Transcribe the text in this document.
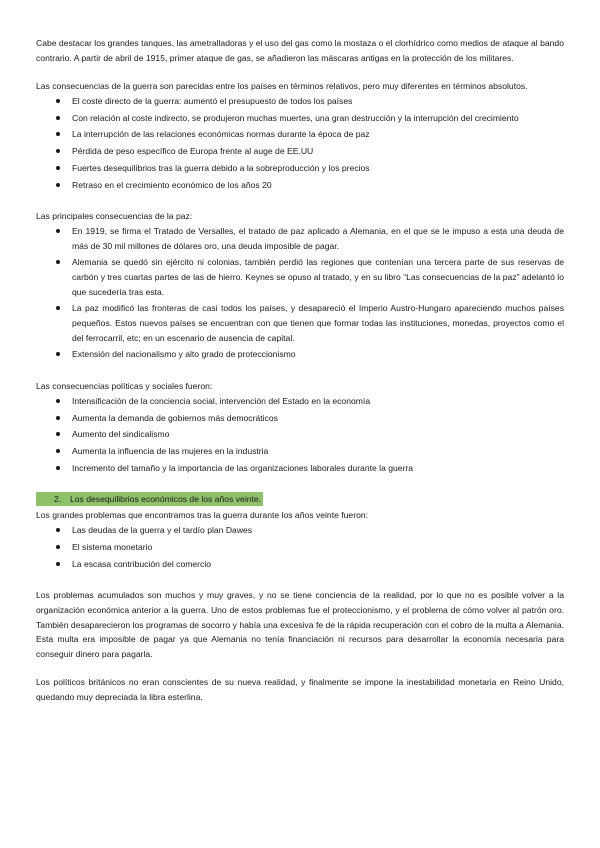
Cabe destacar los grandes tanques, las ametralladoras y el uso del gas como la mostaza o el clorhídrico como medios de ataque al bando contrario. A partir de abril de 1915, primer ataque de gas, se añadieron las máscaras antigas en la protección de los militares.

Las consecuencias de la guerra son parecidas entre los países en términos relativos, pero muy diferentes en términos absolutos.

El coste directo de la guerra: aumentó el presupuesto de todos los países
Con relación al coste indirecto, se produjeron muchas muertes, una gran destrucción y la interrupción del crecimiento
La interrupción de las relaciones económicas normas durante la época de paz
Pérdida de peso específico de Europa frente al auge de EE.UU
Fuertes desequilibrios tras la guerra debido a la sobreproducción y los precios
Retraso en el crecimiento económico de los años 20

Las principales consecuencias de la paz:

En 1919, se firma el Tratado de Versalles, el tratado de paz aplicado a Alemania, en el que se le impuso a esta una deuda de más de 30 mil millones de dólares oro, una deuda imposible de pagar.
Alemania se quedó sin ejército ni colonias, también perdió las regiones que contenían una tercera parte de sus reservas de carbón y tres cuartas partes de las de hierro. Keynes se opuso al tratado, y en su libro “Las consecuencias de la paz” adelantó lo que sucedería tras esta.
La paz modificó las fronteras de casi todos los países, y desapareció el Imperio Austro-Hungaro apareciendo muchos países pequeños. Estos nuevos países se encuentran con que tienen que formar todas las instituciones, monedas, proyectos como el del ferrocarril, etc; en un escenario de ausencia de capital.
Extensión del nacionalismo y alto grado de proteccionismo

Las consecuencias políticas y sociales fueron:

Intensificación de la conciencia social, intervención del Estado en la economía
Aumenta la demanda de gobiernos más democráticos
Aumento del sindicalismo
Aumenta la influencia de las mujeres en la industria
Incremento del tamaño y la importancia de las organizaciones laborales durante la guerra
2. Los desequilibrios económicos de los años veinte.

Los grandes problemas que encontramos tras la guerra durante los años veinte fueron:

Las deudas de la guerra y el tardío plan Dawes
El sistema monetario
La escasa contribución del comercio

Los problemas acumulados son muchos y muy graves, y no se tiene conciencia de la realidad, por lo que no es posible volver a la organización económica anterior a la guerra. Uno de estos problemas fue el proteccionismo, y el problema de cómo volver al patrón oro. También desaparecieron los programas de socorro y había una excesiva fe de la rápida recuperación con el cobro de la multa a Alemania. Esta multa era imposible de pagar ya que Alemania no tenía financiación ni recursos para desarrollar la economía necesaria para conseguir dinero para pagarla.

Los políticos británicos no eran conscientes de su nueva realidad, y finalmente se impone la inestabilidad monetaria en Reino Unido, quedando muy depreciada la libra esterlina.
